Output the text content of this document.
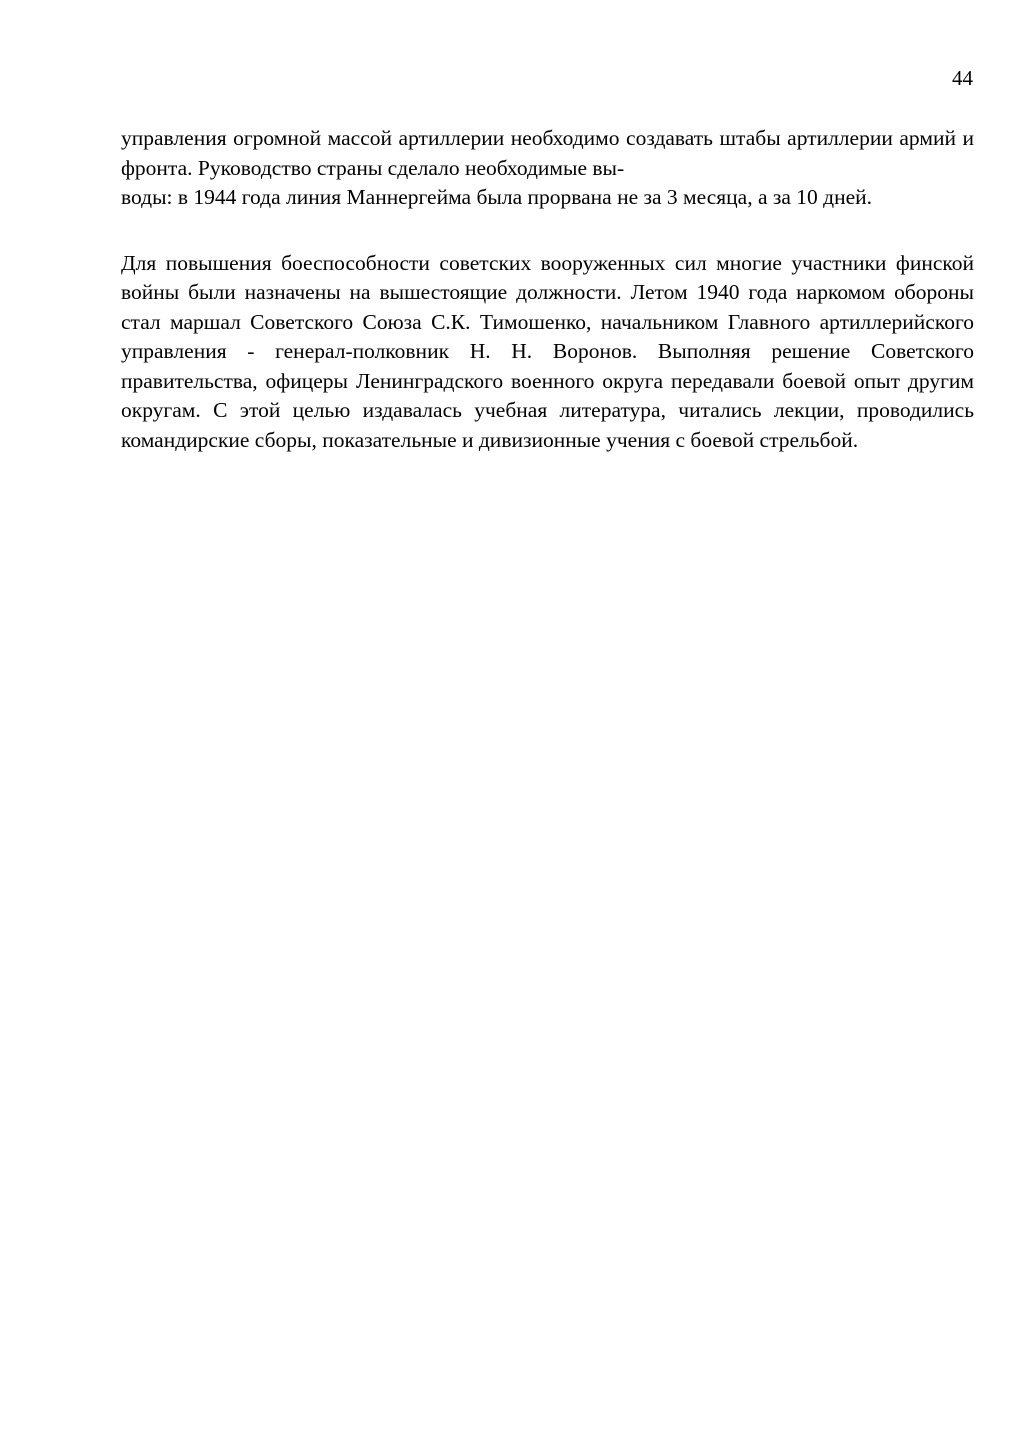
44

управления огромной массой артиллерии необходимо создавать штабы артиллерии армий и фронта. Руководство страны сделало необходимые вы-
воды: в 1944 года линия Маннергейма была прорвана не за 3 месяца, а за 10 дней.

Для повышения боеспособности советских вооруженных сил многие участники финской войны были назначены на вышестоящие должности. Летом 1940 года наркомом обороны стал маршал Советского Союза С.К. Тимошенко, начальником Главного артиллерийского управления - генерал-полковник Н. Н. Воронов. Выполняя решение Советского правительства, офицеры Ленинградского военного округа передавали боевой опыт другим округам. С этой целью издавалась учебная литература, читались лекции, проводились командирские сборы, показательные и дивизионные учения с боевой стрельбой.
